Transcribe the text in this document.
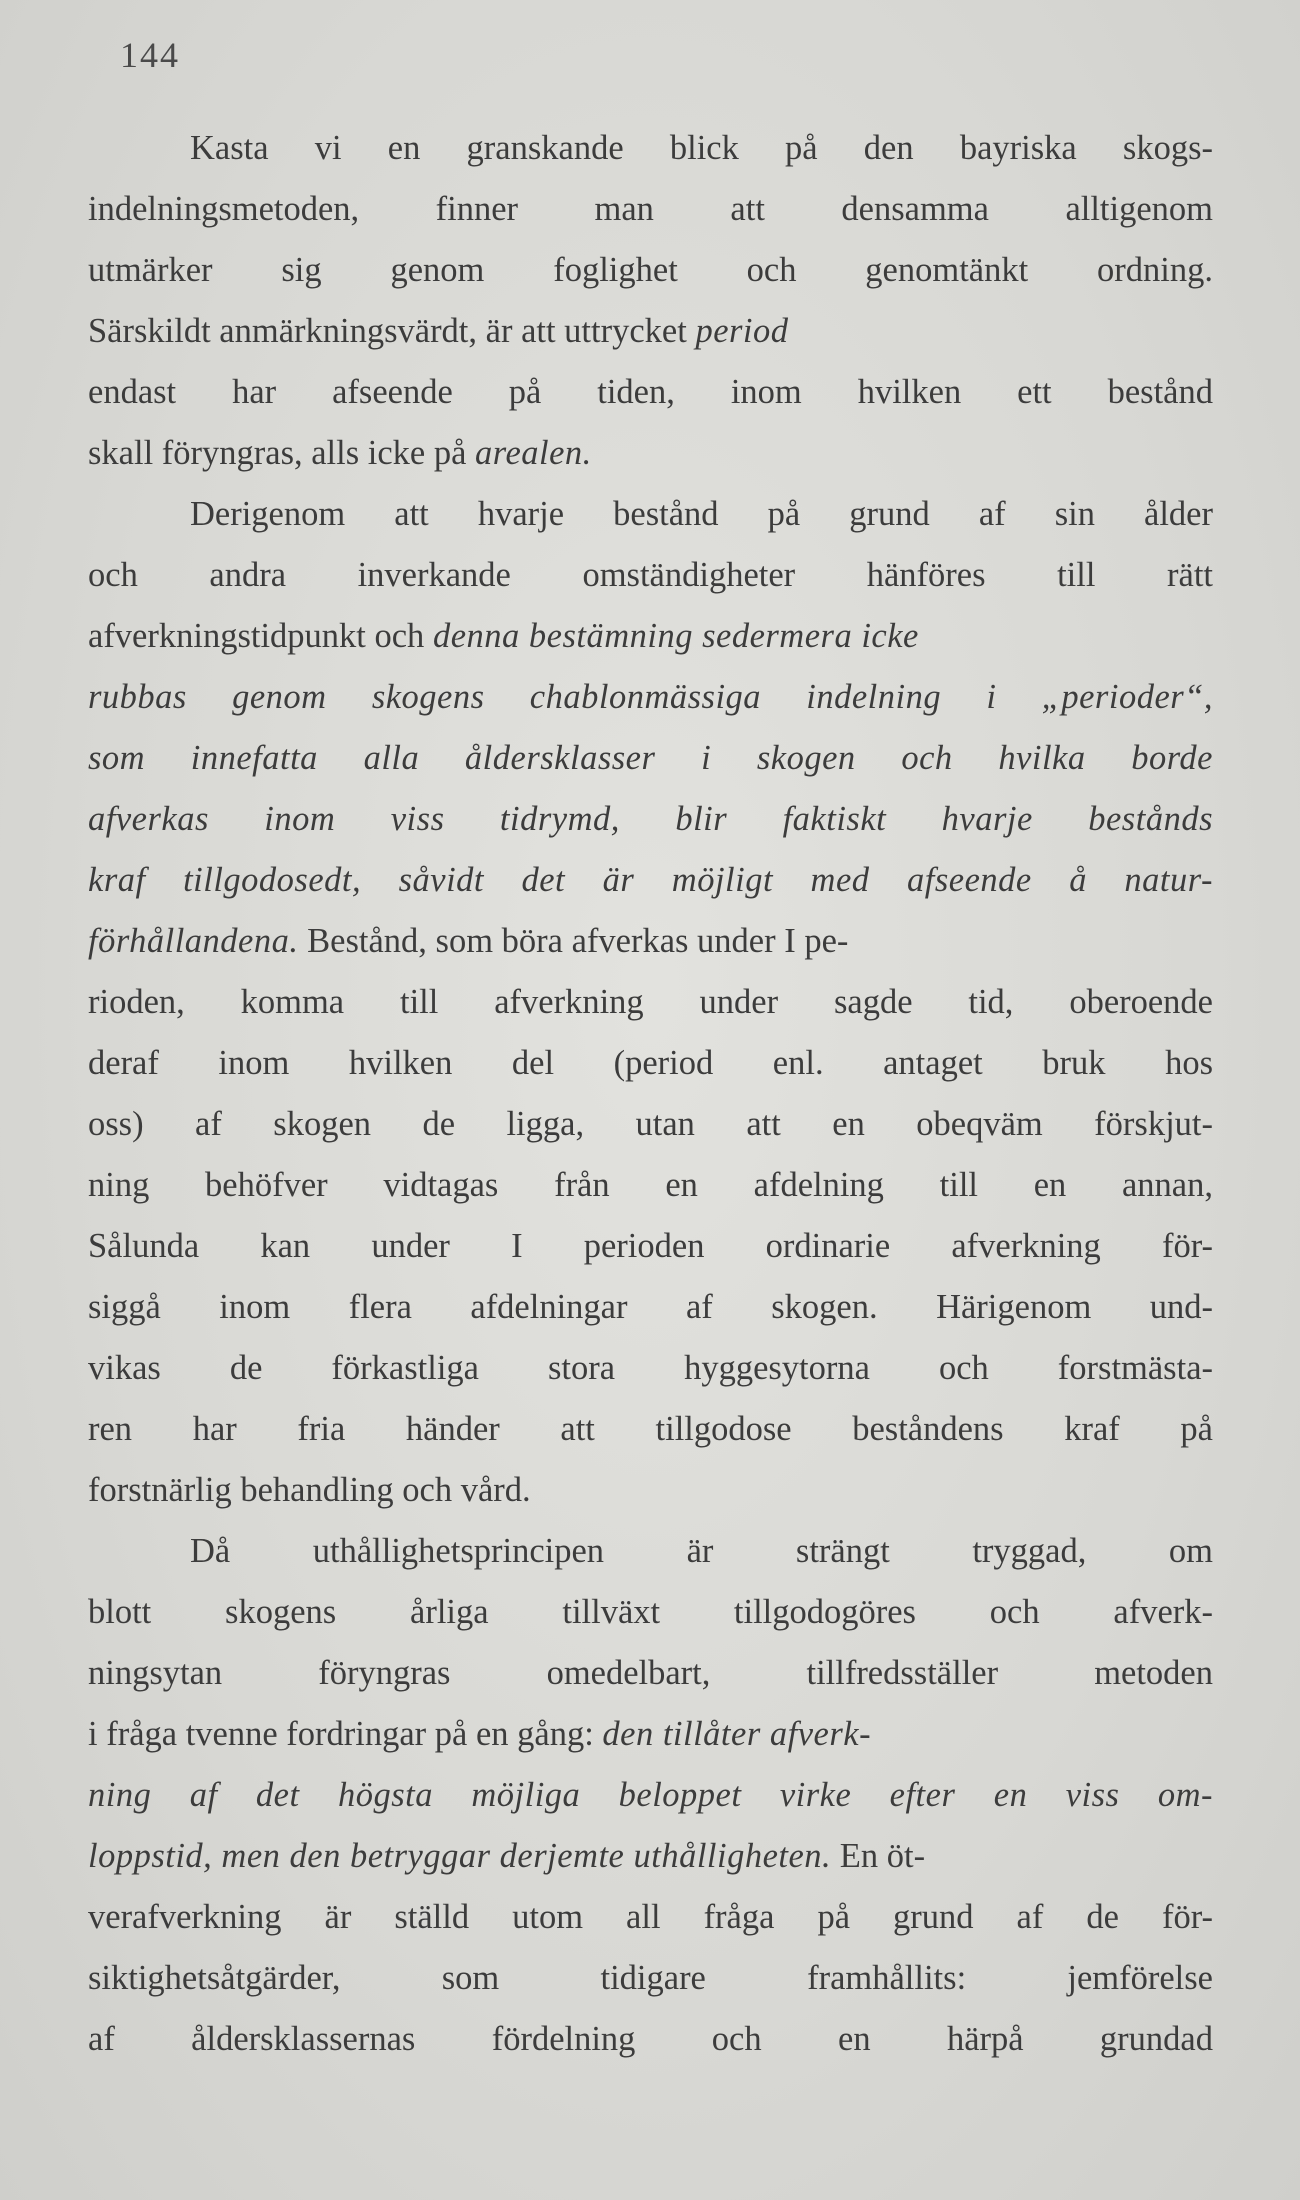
144
Kasta vi en granskande blick på den bayriska skogs-
indelningsmetoden, finner man att densamma alltigenom
utmärker sig genom foglighet och genomtänkt ordning.
Särskildt anmärkningsvärdt, är att uttrycket period
endast har afseende på tiden, inom hvilken ett bestånd
skall föryngras, alls icke på arealen.
Derigenom att hvarje bestånd på grund af sin ålder
och andra inverkande omständigheter hänföres till rätt
afverkningstidpunkt och denna bestämning sedermera icke
rubbas genom skogens chablonmässiga indelning i „perioder“,
som innefatta alla åldersklasser i skogen och hvilka borde
afverkas inom viss tidrymd, blir faktiskt hvarje bestånds
kraf tillgodosedt, såvidt det är möjligt med afseende å natur-
förhållandena. Bestånd, som böra afverkas under I pe-
rioden, komma till afverkning under sagde tid, oberoende
deraf inom hvilken del (period enl. antaget bruk hos
oss) af skogen de ligga, utan att en obeqväm förskjut-
ning behöfver vidtagas från en afdelning till en annan,
Sålunda kan under I perioden ordinarie afverkning för-
siggå inom flera afdelningar af skogen. Härigenom und-
vikas de förkastliga stora hyggesytorna och forstmästa-
ren har fria händer att tillgodose beståndens kraf på
forstnärlig behandling och vård.
Då uthållighetsprincipen är strängt tryggad, om
blott skogens årliga tillväxt tillgodogöres och afverk-
ningsytan föryngras omedelbart, tillfredsställer metoden
i fråga tvenne fordringar på en gång: den tillåter afverk-
ning af det högsta möjliga beloppet virke efter en viss om-
loppstid, men den betryggar derjemte uthålligheten. En öt-
verafverkning är ställd utom all fråga på grund af de för-
siktighetsåtgärder, som tidigare framhållits: jemförelse
af åldersklassernas fördelning och en härpå grundad
